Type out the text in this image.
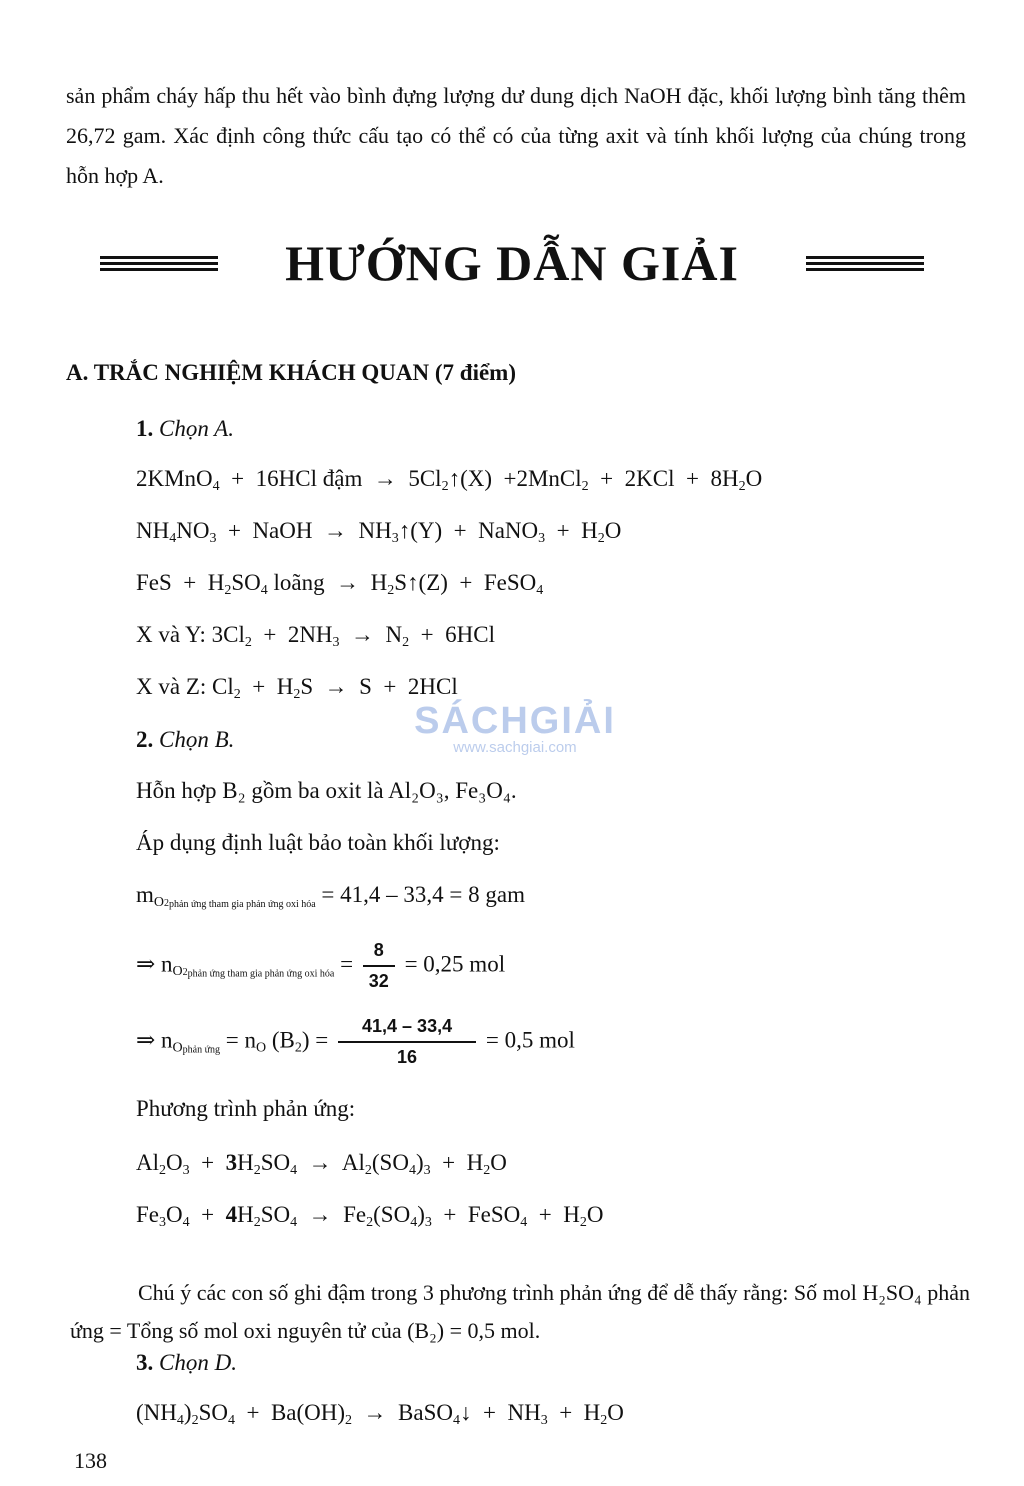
sản phẩm cháy hấp thu hết vào bình đựng lượng dư dung dịch NaOH đặc, khối lượng bình tăng thêm 26,72 gam. Xác định công thức cấu tạo có thể có của từng axit và tính khối lượng của chúng trong hỗn hợp A.

HƯỚNG DẪN GIẢI
A. TRẮC NGHIỆM KHÁCH QUAN (7 điểm)
1. Chọn A.
2KMnO$_4$  +  16HCl đậm  →  $5Cl_2↑(X)$  +2MnCl$_2$  +  $2KCl + 8H_2O$
$NH_4NO_3$  +  NaOH  →  $NH_3↑(Y)$  +  NaNO$_3$  +  $H_2O$
FeS  +  $H_2SO_4$ loãng  →  $H_2S↑(Z)$  +  FeSO$_4$
X và Y: $3Cl_2 + 2NH_3 \to N_2 + 6HCl$
X và Z: $Cl_2 + H_2S \to S + 2HCl$
2. Chọn B.
Hỗn hợp B₂ gồm ba oxit là Al₂O₃, Fe₃O₄.
Áp dụng định luật bảo toàn khối lượng:
$m_{O2phản ứng tham gia phản ứng oxi hóa} = 41,4 - 33,4 = 8$ gam
⇒ $n_{O2phản ứng tham gia phản ứng oxi hóa} = \frac{8}{32} = 0,25$ mol
⇒ $n_{Ophản ứng} = n_O$ $(B_2) = \frac{41,4 - 33,4}{16} = 0,5$ mol
Phương trình phản ứng:
$Al_2O_3 + 3H_2SO_4 \to Al_2(SO_4)_3 + H_2O$
$Fe_3O_4 + 4H_2SO_4 \to Fe_2(SO_4)_3$  +  FeSO$_4$  +  $H_2O$

Chú ý các con số ghi đậm trong 3 phương trình phản ứng để dễ thấy rằng: Số mol H₂SO₄ phản ứng = Tổng số mol oxi nguyên tử của (B₂) = 0,5 mol.

3. Chọn D.
$(NH_4)_2SO_4 + Ba(OH)_2$  →  BaSO$_4$↓  +  $NH_3 + H_2O$
SÁCHGIẢI
www.sachgiai.com
138
